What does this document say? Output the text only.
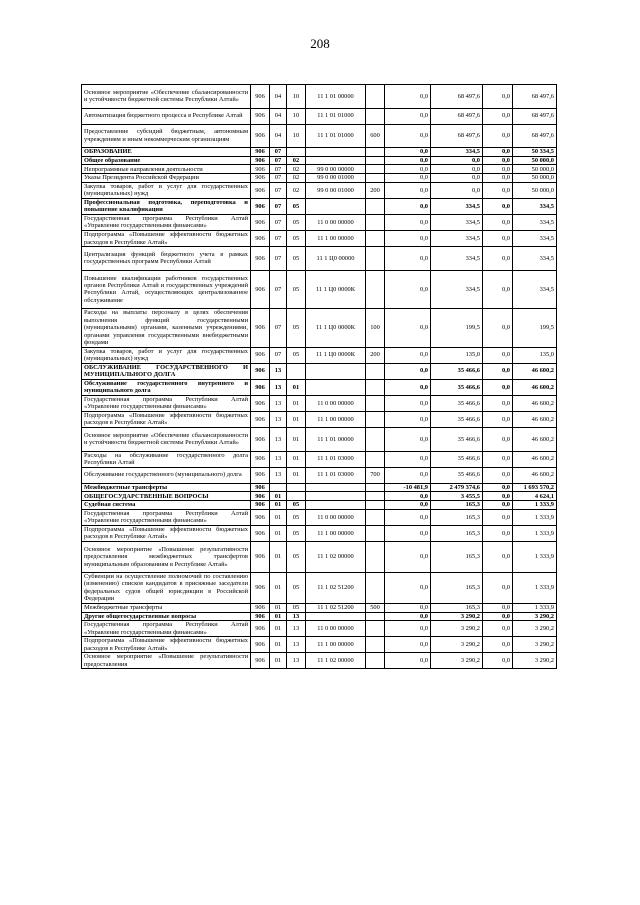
208
Основное мероприятие «Обеспечение сбалансированности и устойчивости бюджетной системы Республики Алтай»	906	04	10	11 1 01 00000		0,0	68 497,6	0,0	68 497,6
Автоматизация бюджетного процесса в Республике Алтай	906	04	10	11 1 01 01000		0,0	68 497,6	0,0	68 497,6
Предоставление субсидий бюджетным, автономным учреждениям и иным некоммерческим организациям	906	04	10	11 1 01 01000	600	0,0	68 497,6	0,0	68 497,6
ОБРАЗОВАНИЕ	906	07				0,0	334,5	0,0	50 334,5
Общее образование	906	07	02			0,0	0,0	0,0	50 000,0
Непрограммные направления деятельности	906	07	02	99 0 00 00000		0,0	0,0	0,0	50 000,0
Указы Президента Российской Федерации	906	07	02	99 0 00 01000		0,0	0,0	0,0	50 000,0
Закупка товаров, работ и услуг для государственных (муниципальных) нужд	906	07	02	99 0 00 01000	200	0,0	0,0	0,0	50 000,0
Профессиональная подготовка, переподготовка и повышение квалификации	906	07	05			0,0	334,5	0,0	334,5
Государственная программа Республики Алтай «Управление государственными финансами»	906	07	05	11 0 00 00000		0,0	334,5	0,0	334,5
Подпрограмма «Повышение эффективности бюджетных расходов в Республике Алтай»	906	07	05	11 1 00 00000		0,0	334,5	0,0	334,5
Централизация функций бюджетного учета в рамках государственных программ Республики Алтай	906	07	05	11 1 Ц0 00000		0,0	334,5	0,0	334,5
Повышение квалификации работников государственных органов Республики Алтай и государственных учреждений Республики Алтай, осуществляющих централизованное обслуживание	906	07	05	11 1 Ц0 0000К		0,0	334,5	0,0	334,5
Расходы на выплаты персоналу в целях обеспечения выполнения функций государственными (муниципальными) органами, казенными учреждениями, органами управления государственными внебюджетными фондами	906	07	05	11 1 Ц0 0000К	100	0,0	199,5	0,0	199,5
Закупка товаров, работ и услуг для государственных (муниципальных) нужд	906	07	05	11 1 Ц0 0000К	200	0,0	135,0	0,0	135,0
ОБСЛУЖИВАНИЕ ГОСУДАРСТВЕННОГО И МУНИЦИПАЛЬНОГО ДОЛГА	906	13				0,0	35 466,6	0,0	46 600,2
Обслуживание государственного внутреннего и муниципального долга	906	13	01			0,0	35 466,6	0,0	46 600,2
Государственная программа Республики Алтай «Управление государственными финансами»	906	13	01	11 0 00 00000		0,0	35 466,6	0,0	46 600,2
Подпрограмма «Повышение эффективности бюджетных расходов в Республике Алтай»	906	13	01	11 1 00 00000		0,0	35 466,6	0,0	46 600,2
Основное мероприятие «Обеспечение сбалансированности и устойчивости бюджетной системы Республики Алтай»	906	13	01	11 1 01 00000		0,0	35 466,6	0,0	46 600,2
Расходы на обслуживание государственного долга Республики Алтай	906	13	01	11 1 01 03000		0,0	35 466,6	0,0	46 600,2
Обслуживание государственного (муниципального) долга	906	13	01	11 1 01 03000	700	0,0	35 466,6	0,0	46 600,2
Межбюджетные трансферты	906					-10 481,9	2 479 374,6	0,0	1 693 570,2
ОБЩЕГОСУДАРСТВЕННЫЕ ВОПРОСЫ	906	01				0,0	3 455,5	0,0	4 624,1
Судебная система	906	01	05			0,0	165,3	0,0	1 333,9
Государственная программа Республики Алтай «Управление государственными финансами»	906	01	05	11 0 00 00000		0,0	165,3	0,0	1 333,9
Подпрограмма «Повышение эффективности бюджетных расходов в Республике Алтай»	906	01	05	11 1 00 00000		0,0	165,3	0,0	1 333,9
Основное мероприятие «Повышение результативности предоставления межбюджетных трансфертов муниципальным образованиям в Республике Алтай»	906	01	05	11 1 02 00000		0,0	165,3	0,0	1 333,9
Субвенции на осуществление полномочий по составлению (изменению) списков кандидатов в присяжные заседатели федеральных судов общей юрисдикции в Российской Федерации	906	01	05	11 1 02 51200		0,0	165,3	0,0	1 333,9
Межбюджетные трансферты	906	01	05	11 1 02 51200	500	0,0	165,3	0,0	1 333,9
Другие общегосударственные вопросы	906	01	13			0,0	3 290,2	0,0	3 290,2
Государственная программа Республики Алтай «Управление государственными финансами»	906	01	13	11 0 00 00000		0,0	3 290,2	0,0	3 290,2
Подпрограмма «Повышение эффективности бюджетных расходов в Республике Алтай»	906	01	13	11 1 00 00000		0,0	3 290,2	0,0	3 290,2
Основное мероприятие «Повышение результативности предоставления	906	01	13	11 1 02 00000		0,0	3 290,2	0,0	3 290,2
